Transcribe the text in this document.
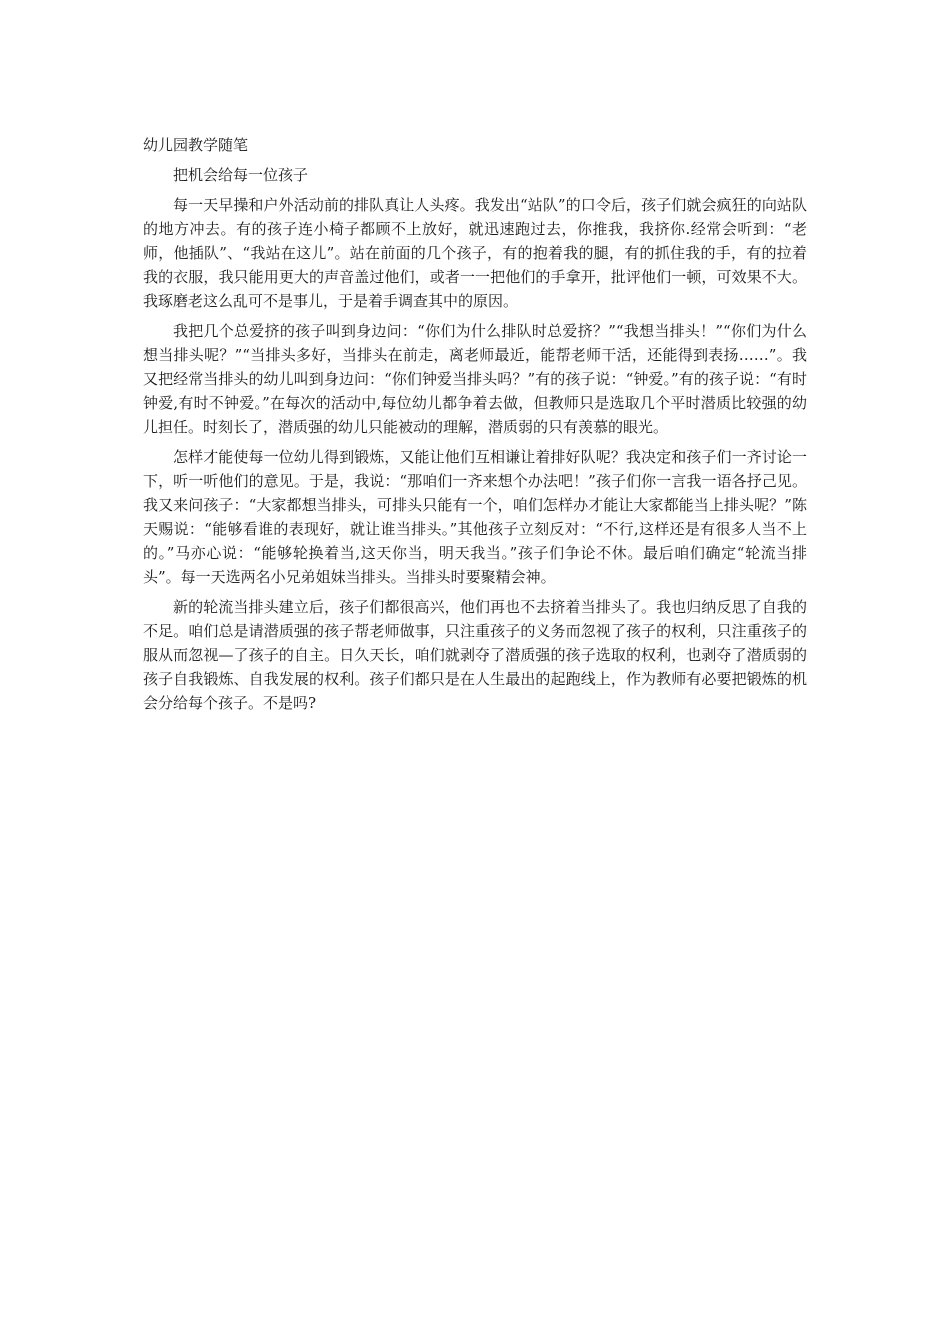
幼儿园教学随笔
把机会给每一位孩子

每一天早操和户外活动前的排队真让人头疼。我发出“站队”的口令后，孩子们就会疯狂的向站队的地方冲去。有的孩子连小椅子都顾不上放好，就迅速跑过去，你推我，我挤你.经常会听到：“老师，他插队”、“我站在这儿”。站在前面的几个孩子，有的抱着我的腿，有的抓住我的手，有的拉着我的衣服，我只能用更大的声音盖过他们，或者一一把他们的手拿开，批评他们一顿，可效果不大。我琢磨老这么乱可不是事儿，于是着手调查其中的原因。

我把几个总爱挤的孩子叫到身边问：“你们为什么排队时总爱挤？”“我想当排头！”“你们为什么想当排头呢？”“当排头多好，当排头在前走，离老师最近，能帮老师干活，还能得到表扬……”。我又把经常当排头的幼儿叫到身边问：“你们钟爱当排头吗？”有的孩子说：“钟爱。”有的孩子说：“有时钟爱,有时不钟爱。”在每次的活动中,每位幼儿都争着去做，但教师只是选取几个平时潜质比较强的幼儿担任。时刻长了，潜质强的幼儿只能被动的理解，潜质弱的只有羡慕的眼光。

怎样才能使每一位幼儿得到锻炼，又能让他们互相谦让着排好队呢？我决定和孩子们一齐讨论一下，听一听他们的意见。于是，我说：“那咱们一齐来想个办法吧！”孩子们你一言我一语各抒己见。我又来问孩子：“大家都想当排头，可排头只能有一个，咱们怎样办才能让大家都能当上排头呢？”陈天赐说：“能够看谁的表现好，就让谁当排头。”其他孩子立刻反对：“不行,这样还是有很多人当不上的。”马亦心说：“能够轮换着当,这天你当，明天我当。”孩子们争论不休。最后咱们确定“轮流当排头”。每一天选两名小兄弟姐妹当排头。当排头时要聚精会神。

新的轮流当排头建立后，孩子们都很高兴，他们再也不去挤着当排头了。我也归纳反思了自我的不足。咱们总是请潜质强的孩子帮老师做事，只注重孩子的义务而忽视了孩子的权利，只注重孩子的服从而忽视—了孩子的自主。日久天长，咱们就剥夺了潜质强的孩子选取的权利，也剥夺了潜质弱的孩子自我锻炼、自我发展的权利。孩子们都只是在人生最出的起跑线上，作为教师有必要把锻炼的机会分给每个孩子。不是吗?
